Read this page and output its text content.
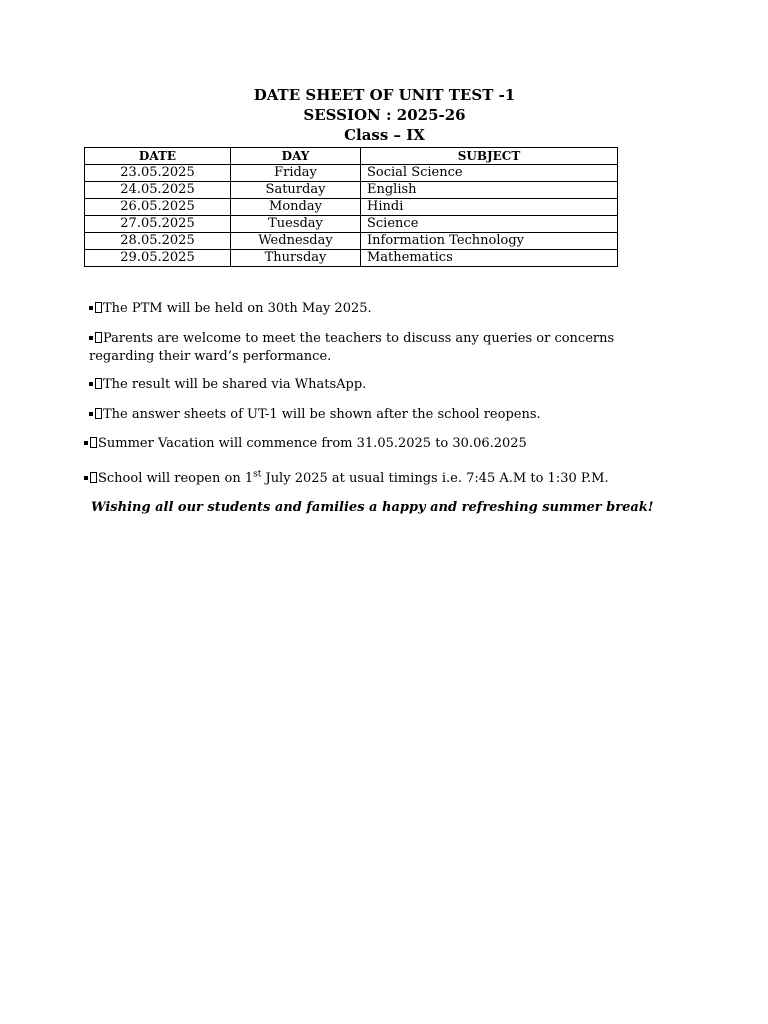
DATE SHEET OF UNIT TEST -1
SESSION : 2025-26
Class – IX
DATE	DAY	SUBJECT
23.05.2025	Friday	Social Science
24.05.2025	Saturday	English
26.05.2025	Monday	Hindi
27.05.2025	Tuesday	Science
28.05.2025	Wednesday	Information Technology
29.05.2025	Thursday	Mathematics
The PTM will be held on 30th May 2025.
Parents are welcome to meet the teachers to discuss any queries or concerns regarding their ward’s performance.
The result will be shared via WhatsApp.
The answer sheets of UT-1 will be shown after the school reopens.
Summer Vacation will commence from 31.05.2025 to 30.06.2025
School will reopen on 1st July 2025 at usual timings i.e. 7:45 A.M to 1:30 P.M.
Wishing all our students and families a happy and refreshing summer break!
